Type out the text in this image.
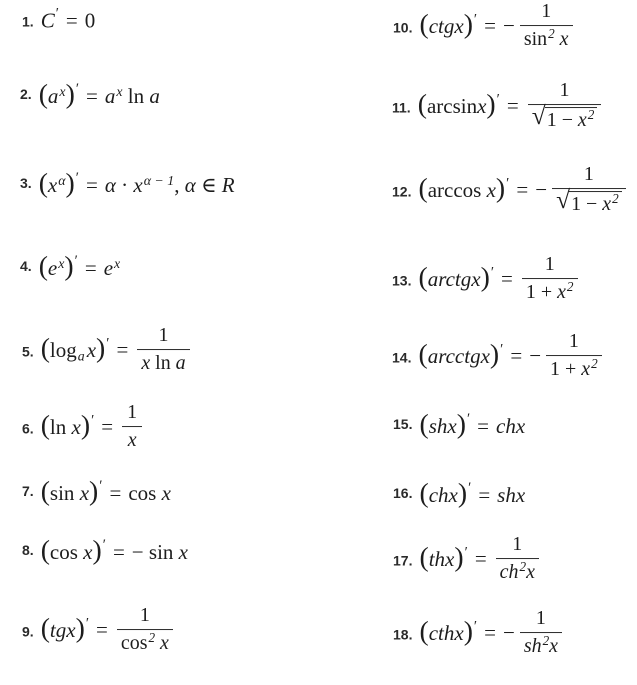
1. C′ = 0
2. $(a^x)' = a^x$ ln a
3. $(x^\alpha)' = \alpha \cdot x^{\alpha - 1}$, α ∈ R
4. $(e^x)' = e^x$
5. (logax)′ = $\frac{1}{\text{x ln a}}$
6. (ln $x)' = \frac{1}{x}$
7. (sin x)′ = cos x
8. (cos x)′ = − sin x
9. $(tgx)' = \frac{1}{\cos^2 x}$
10. (ctgx)′ = − $\frac{1}{\sin^2 x}$
11. $(\arcsin x)' = \frac{1}{√ 1 - x^2}$
12. (arccos x)′ = − $\frac{1}{√ 1 - x^2}$
13. (arctgx)′ = $\frac{1}{1 + x^2}$
14. (arcctgx)′ = − $\frac{1}{1 + x^2}$
15. (shx)′ = chx
16. (chx)′ = shx
17. $(thx)' = \frac{1}{ch^2x}$
18. (cthx)′ = − $\frac{1}{sh^2x}$
